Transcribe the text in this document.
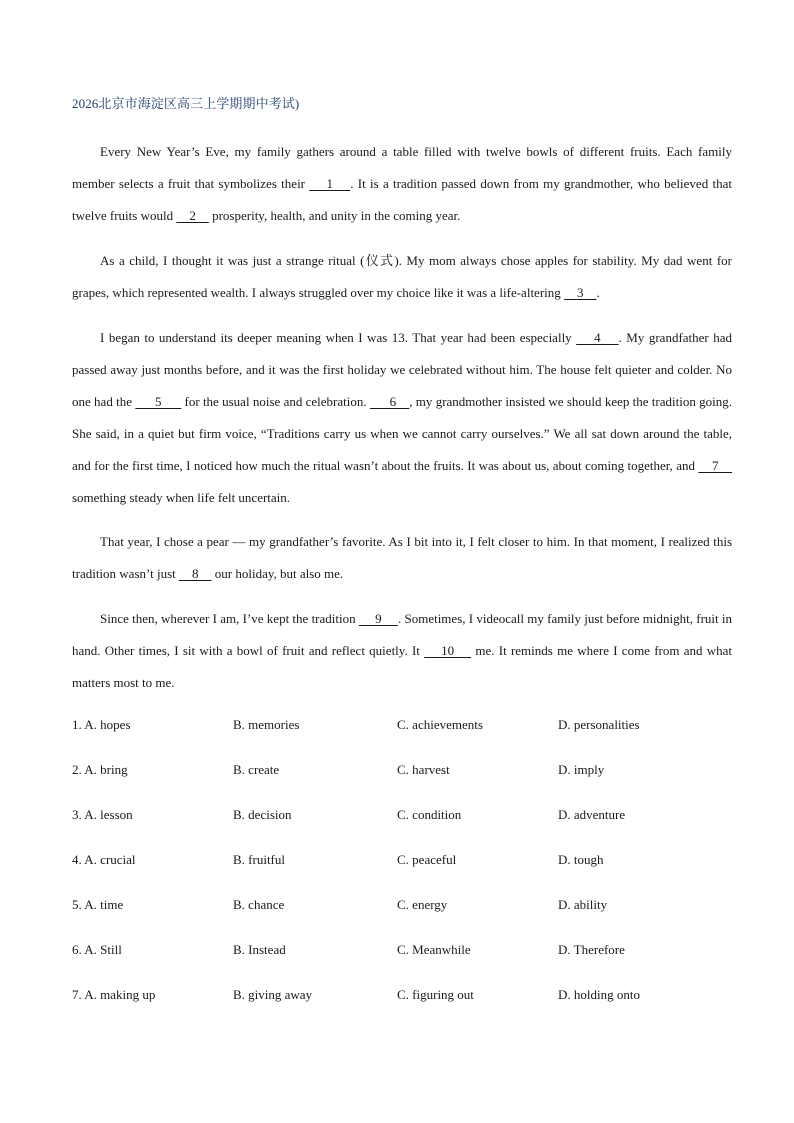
2026北京市海淀区高三上学期期中考试)
Every New Year’s Eve, my family gathers around a table filled with twelve bowls of different fruits. Each family member selects a fruit that symbolizes their     1    . It is a tradition passed down from my grandmother, who believed that twelve fruits would     2     prosperity, health, and unity in the coming year.
As a child, I thought it was just a strange ritual (仪式). My mom always chose apples for stability. My dad went for grapes, which represented wealth. I always struggled over my choice like it was a life-altering     3    .
I began to understand its deeper meaning when I was 13. That year had been especially     4    . My grandfather had passed away just months before, and it was the first holiday we celebrated without him. The house felt quieter and colder. No one had the       5       for the usual noise and celebration.       6    , my grandmother insisted we should keep the tradition going. She said, in a quiet but firm voice, “Traditions carry us when we cannot carry ourselves.” We all sat down around the table, and for the first time, I noticed how much the ritual wasn’t about the fruits. It was about us, about coming together, and     7     something steady when life felt uncertain.
That year, I chose a pear — my grandfather’s favorite. As I bit into it, I felt closer to him. In that moment, I realized this tradition wasn’t just     8     our holiday, but also me.
Since then, wherever I am, I’ve kept the tradition      9     . Sometimes, I videocall my family just before midnight, fruit in hand. Other times, I sit with a bowl of fruit and reflect quietly. It     10     me. It reminds me where I come from and what matters most to me.
1. A. hopes	B. memories	C. achievements	D. personalities
2. A. bring	B. create	C. harvest	D. imply
3. A. lesson	B. decision	C. condition	D. adventure
4. A. crucial	B. fruitful	C. peaceful	D. tough
5. A. time	B. chance	C. energy	D. ability
6. A. Still	B. Instead	C. Meanwhile	D. Therefore
7. A. making up	B. giving away	C. figuring out	D. holding onto
